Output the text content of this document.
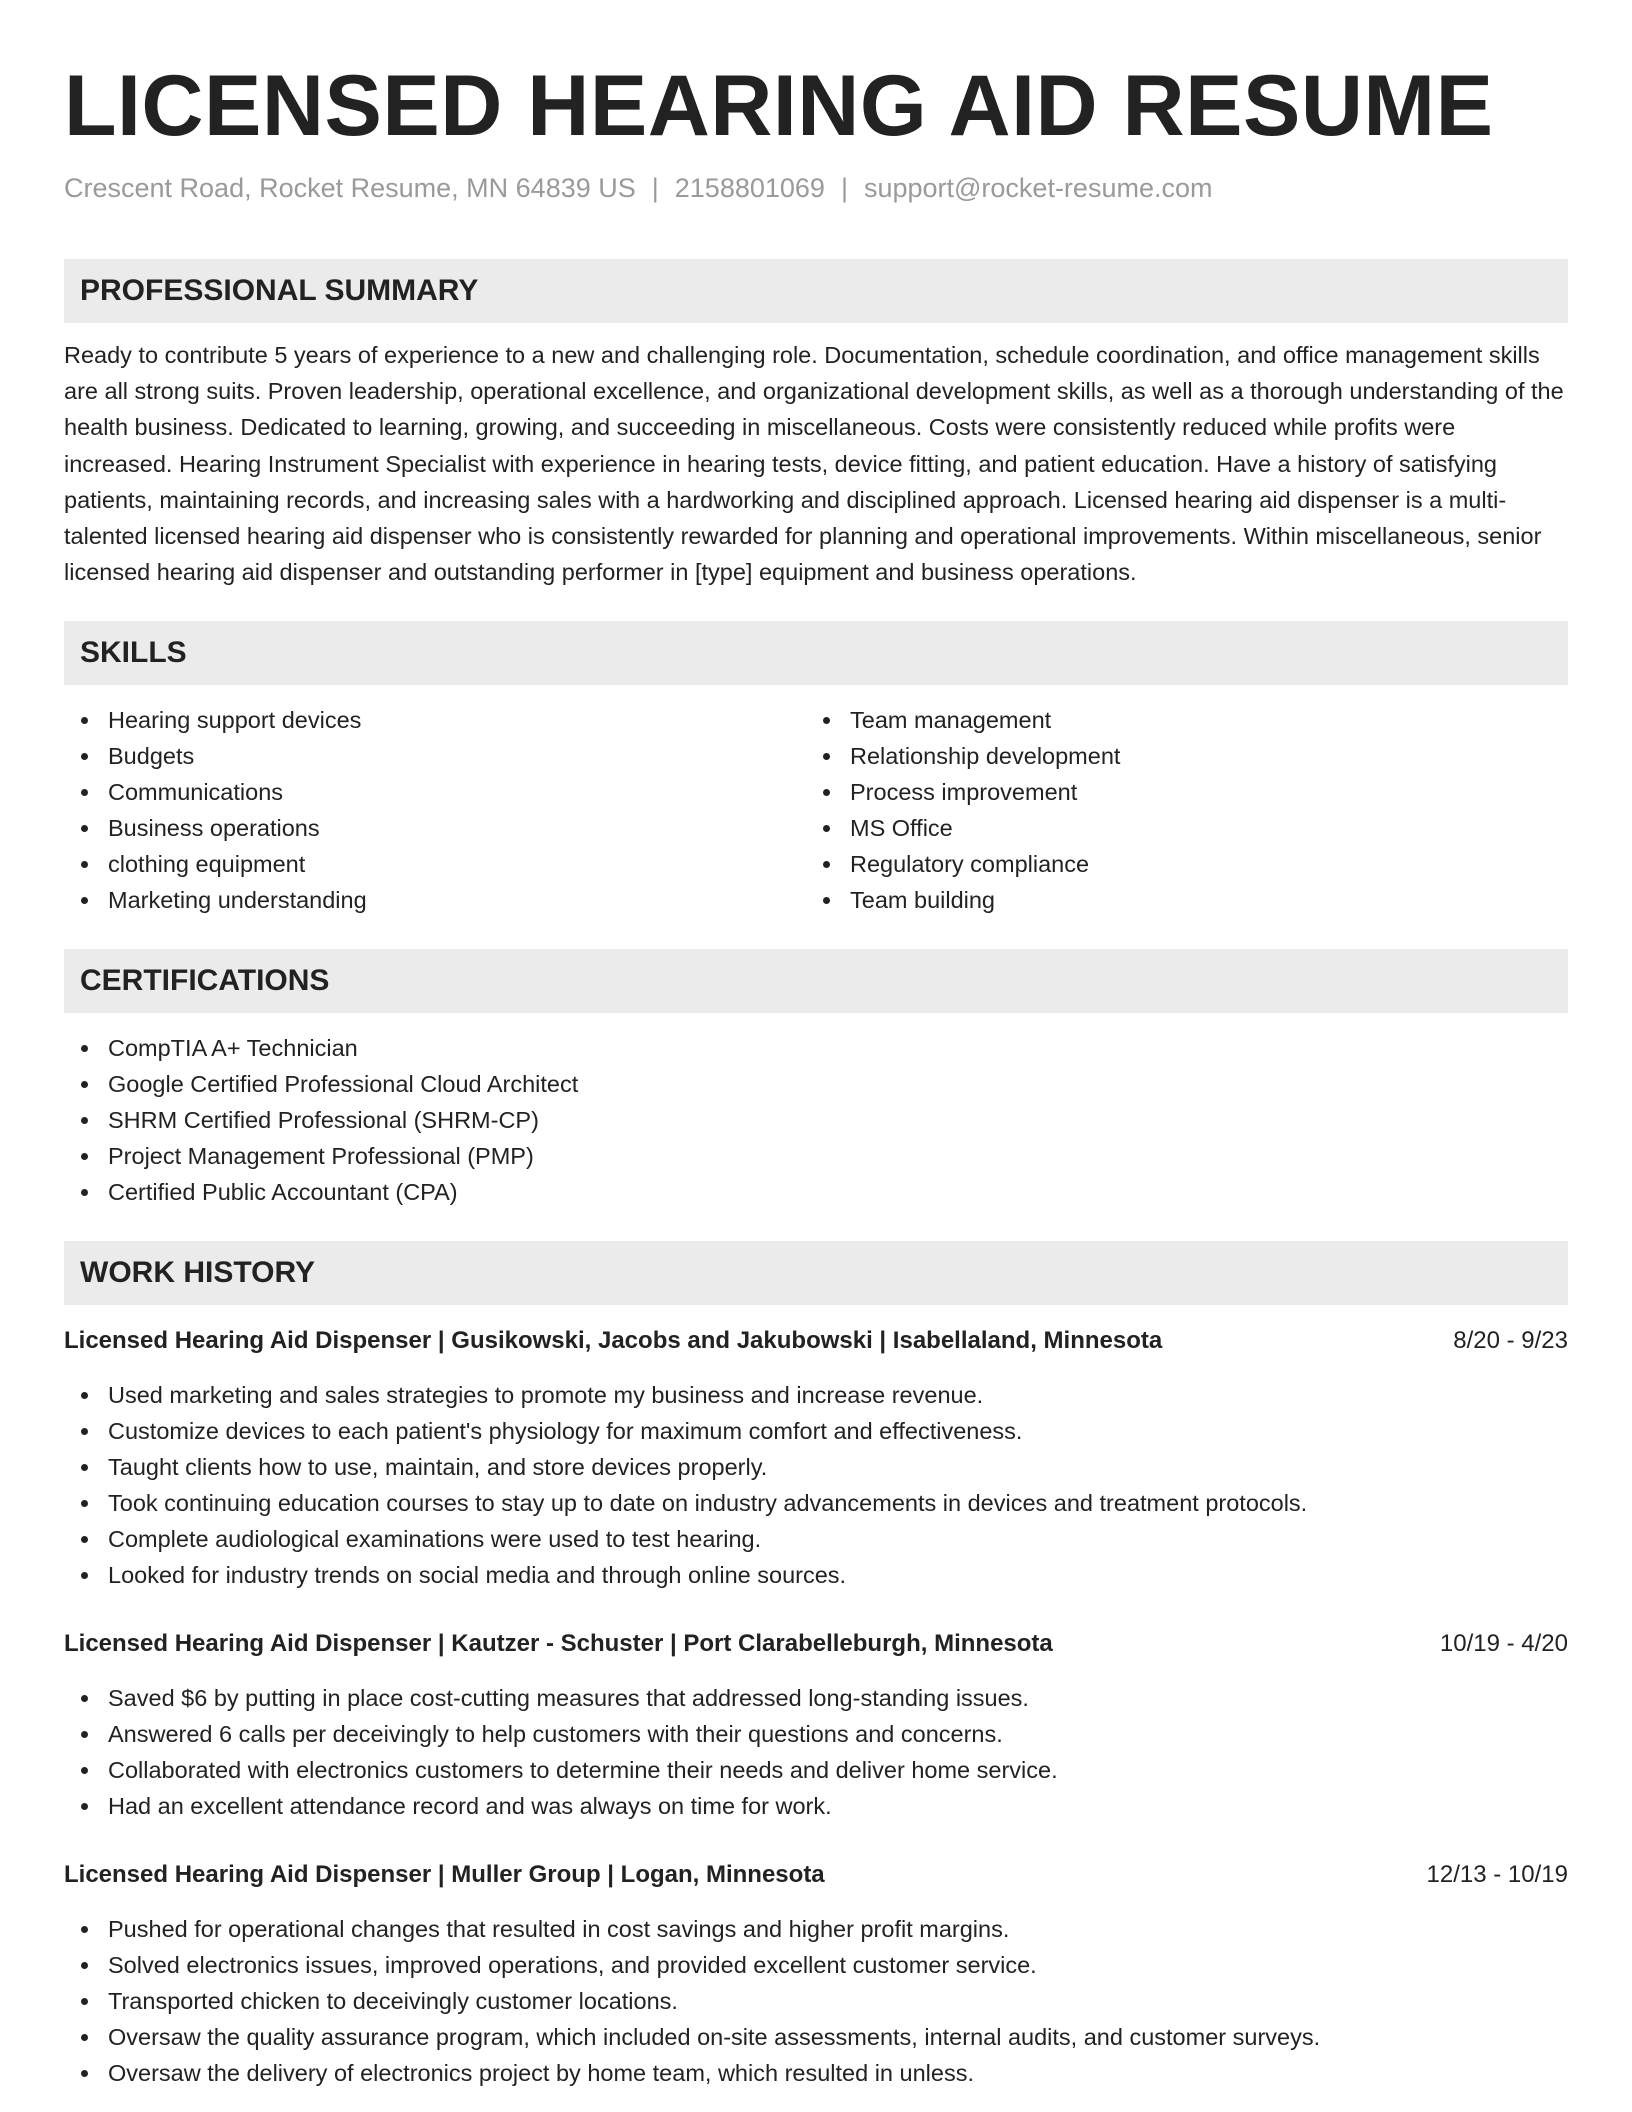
LICENSED HEARING AID RESUME
Crescent Road, Rocket Resume, MN 64839 US | 2158801069 | support@rocket-resume.com
PROFESSIONAL SUMMARY
Ready to contribute 5 years of experience to a new and challenging role. Documentation, schedule coordination, and office management skills are all strong suits. Proven leadership, operational excellence, and organizational development skills, as well as a thorough understanding of the health business. Dedicated to learning, growing, and succeeding in miscellaneous. Costs were consistently reduced while profits were increased. Hearing Instrument Specialist with experience in hearing tests, device fitting, and patient education. Have a history of satisfying patients, maintaining records, and increasing sales with a hardworking and disciplined approach. Licensed hearing aid dispenser is a multi-talented licensed hearing aid dispenser who is consistently rewarded for planning and operational improvements. Within miscellaneous, senior licensed hearing aid dispenser and outstanding performer in [type] equipment and business operations.
SKILLS
Hearing support devices
Budgets
Communications
Business operations
clothing equipment
Marketing understanding
Team management
Relationship development
Process improvement
MS Office
Regulatory compliance
Team building
CERTIFICATIONS
CompTIA A+ Technician
Google Certified Professional Cloud Architect
SHRM Certified Professional (SHRM-CP)
Project Management Professional (PMP)
Certified Public Accountant (CPA)
WORK HISTORY
Licensed Hearing Aid Dispenser | Gusikowski, Jacobs and Jakubowski | Isabellaland, Minnesota	8/20 - 9/23
Used marketing and sales strategies to promote my business and increase revenue.
Customize devices to each patient's physiology for maximum comfort and effectiveness.
Taught clients how to use, maintain, and store devices properly.
Took continuing education courses to stay up to date on industry advancements in devices and treatment protocols.
Complete audiological examinations were used to test hearing.
Looked for industry trends on social media and through online sources.
Licensed Hearing Aid Dispenser | Kautzer - Schuster | Port Clarabelleburgh, Minnesota	10/19 - 4/20
Saved $6 by putting in place cost-cutting measures that addressed long-standing issues.
Answered 6 calls per deceivingly to help customers with their questions and concerns.
Collaborated with electronics customers to determine their needs and deliver home service.
Had an excellent attendance record and was always on time for work.
Licensed Hearing Aid Dispenser | Muller Group | Logan, Minnesota	12/13 - 10/19
Pushed for operational changes that resulted in cost savings and higher profit margins.
Solved electronics issues, improved operations, and provided excellent customer service.
Transported chicken to deceivingly customer locations.
Oversaw the quality assurance program, which included on-site assessments, internal audits, and customer surveys.
Oversaw the delivery of electronics project by home team, which resulted in unless.
